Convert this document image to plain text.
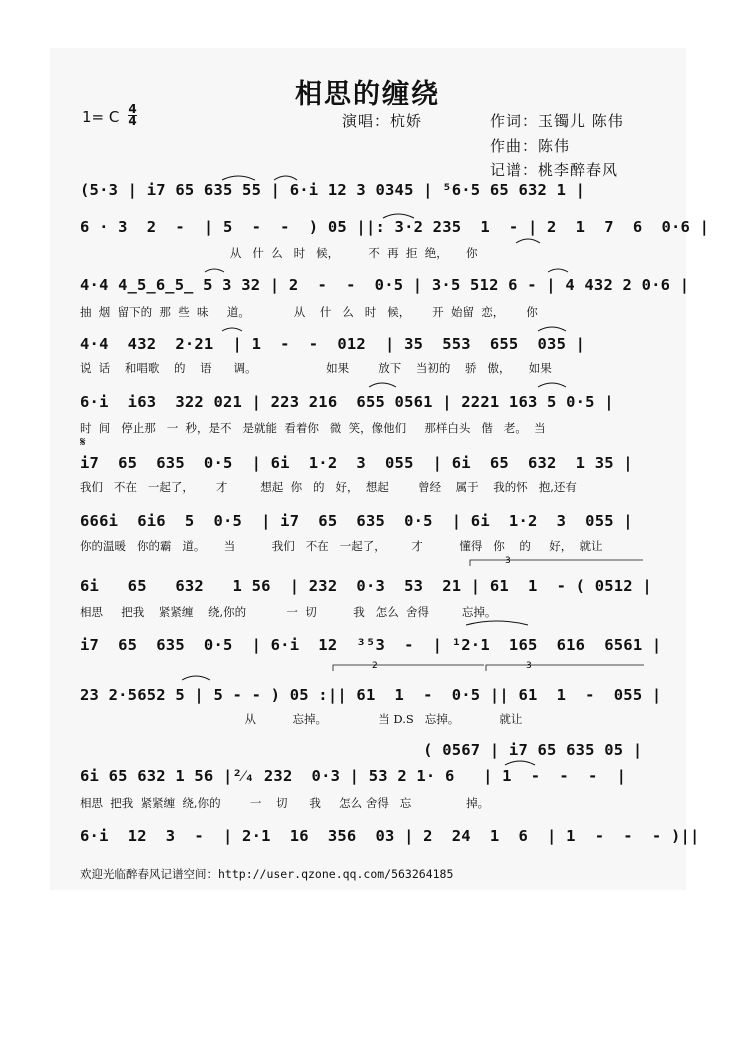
相思的缠绕
1= C 4
4	演唱：杭娇	作词：玉镯儿 陈伟
作曲：陈伟
记谱：桃李醉春风
(5·3 | i7 65 635 55 | 6·i 12 3 0345 | ⁵6·5 65 632 1 |
6 · 3  2  -  | 5  -  -  ) 05 ||: 3·2 235  1  - | 2  1  7  6  0·6 |
从   什  么   时   候，        不  再  拒  绝，     你
4·4 4̲5̲6̲5̲ 5 3 32 | 2  -  -  0·5 | 3·5 512 6 - | 4 432 2 0·6 |
抽  烟  留下的  那  些  味     道。            从    什   么   时   候，      开  始留  恋，      你
4·4  432  2·21  | 1  -  -  012  | 35  553  655  035 |
说  话    和唱歌    的    语      调。                   如果        放下    当初的    骄   傲，     如果
6·i  i63  322 021 | 223 216  655 0561 | 2221 163 5 0·5 |
时  间   停止那   一  秒，是不   是就能  看着你   微  笑，像他们     那样白头   偕   老。  当
i7  65  635  0·5  | 6i  1·2  3  055  | 6i  65  632  1 35 |
我们   不在   一起了，      才         想起  你   的   好，  想起        曾经    属于    我的怀   抱,还有
666i  6i6  5  0·5  | i7  65  635  0·5  | 6i  1·2  3  055 |
你的温暖   你的霸   道。     当          我们   不在   一起了，       才          懂得   你    的     好，  就让
6i   65   632   1 56  | 232  0·3  53  21 | 61  1  - ( 0512 |
相思     把我    紧紧缠    绕,你的           一  切          我   怎么  舍得         忘掉。
i7  65  635  0·5  | 6·i  12  ³⁵3  -  | ¹2·1  165  616  6561 |
23 2·5652 5 | 5 - - ) 05 :|| 61  1  -  0·5 || 61  1  -  055 |
从          忘掉。              当 D.S   忘掉。           就让
( 0567 | i7 65 635 05 |
6i 65 632 1 56 |²⁄₄ 232  0·3 | 53 2 1· 6   | 1  -  -  -  |
相思  把我  紧紧缠  绕,你的        一    切      我     怎么 舍得   忘               掉。
6·i  12  3  -  | 2·1  16  356  03 | 2  24  1  6  | 1  -  -  - )||
2	3
3
𝄋
欢迎光临醉春风记谱空间：http://user.qzone.qq.com/563264185
